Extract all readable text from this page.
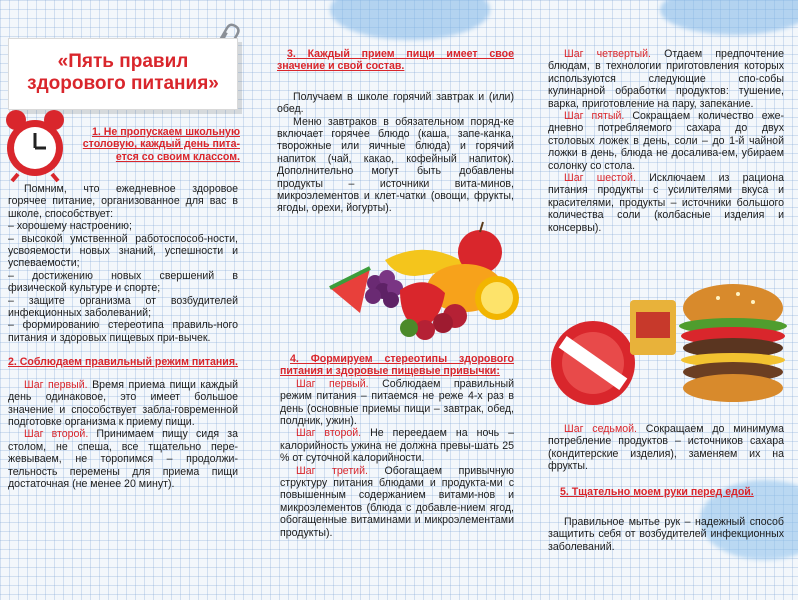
«Пять правил
здорового питания»
1. Не пропускаем школьную столовую, каждый день пита-ется со своим классом.

Помним, что ежедневное здоровое горячее питание, организованное для вас в школе, способствует:

– хорошему настроению;

– высокой умственной работоспособ-ности, усвояемости новых знаний, успешности и успеваемости;

– достижению новых свершений в физической культуре и спорте;

– защите организма от возбудителей инфекционных заболеваний;

– формированию стереотипа правиль-ного питания и здоровых пищевых при-вычек.

2. Соблюдаем правильный режим питания.

Шаг первый. Время приема пищи каждый день одинаковое, это имеет большое значение и способствует забла-говременной подготовке организма к приему пищи.

Шаг второй. Принимаем пищу сидя за столом, не спеша, все тщательно пере-жевываем, не торопимся – продолжи-тельность перемены для приема пищи достаточная (не менее 20 минут).

3. Каждый прием пищи имеет свое значение и свой состав.

Получаем в школе горячий завтрак и (или) обед.

Меню завтраков в обязательном поряд-ке включает горячее блюдо (каша, запе-канка, творожные или яичные блюда) и горячий напиток (чай, какао, кофейный напиток). Дополнительно могут быть добавлены продукты – источники вита-минов, микроэлементов и клет-чатки (овощи, фрукты, ягоды, орехи, йогурты).

4. Формируем стереотипы здорового питания и здоровые пищевые привычки:

Шаг первый. Соблюдаем правильный режим питания – питаемся не реже 4-х раз в день (основные приемы пищи – завтрак, обед, полдник, ужин).

Шаг второй. Не переедаем на ночь – калорийность ужина не должна превы-шать 25 % от суточной калорийности.

Шаг третий. Обогащаем привычную структуру питания блюдами и продукта-ми с повышенным содержанием витами-нов и микроэлементов (блюда с добавле-нием ягод, обогащенные витаминами и микроэлементами продукты).

Шаг четвертый. Отдаем предпочтение блюдам, в технологии приготовления которых используются следующие спо-собы кулинарной обработки продуктов: тушение, варка, приготовление на пару, запекание.

Шаг пятый. Сокращаем количество еже-дневно потребляемого сахара до двух столовых ложек в день, соли – до 1-й чайной ложки в день, блюда не досалива-ем, убираем солонку со стола.

Шаг шестой. Исключаем из рациона питания продукты с усилителями вкуса и красителями, продукты – источники большого количества соли (колбасные изделия и консервы).

Шаг седьмой. Сокращаем до минимума потребление продуктов – источников сахара (кондитерские изделия), заменяем их на фрукты.

5. Тщательно моем руки перед едой.

Правильное мытье рук – надежный способ защитить себя от возбудителей инфекционных заболеваний.
